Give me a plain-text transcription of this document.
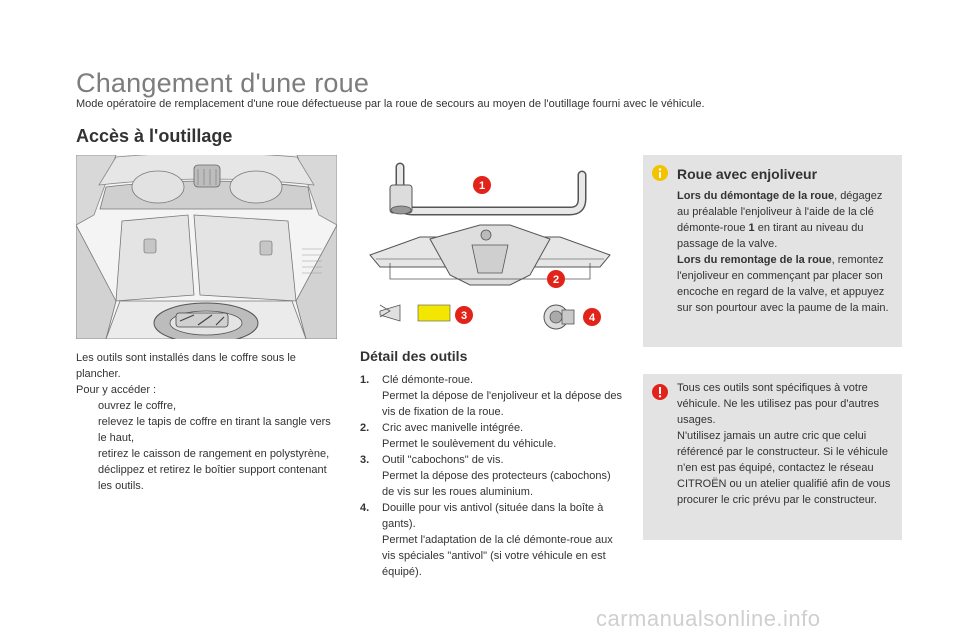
Changement d'une roue
Mode opératoire de remplacement d'une roue défectueuse par la roue de secours au moyen de l'outillage fourni avec le véhicule.
Accès à l'outillage

Les outils sont installés dans le coffre sous le plancher.

Pour y accéder :

ouvrez le coffre,
relevez le tapis de coffre en tirant la sangle vers le haut,
retirez le caisson de rangement en polystyrène,
déclippez et retirez le boîtier support contenant les outils.
1
2
3	4
Détail des outils
1. Clé démonte-roue.
Permet la dépose de l'enjoliveur et la dépose des vis de fixation de la roue.
2. Cric avec manivelle intégrée.
Permet le soulèvement du véhicule.
3. Outil "cabochons" de vis.
Permet la dépose des protecteurs (cabochons) de vis sur les roues aluminium.
4. Douille pour vis antivol (située dans la boîte à gants).
Permet l'adaptation de la clé démonte-roue aux vis spéciales "antivol" (si votre véhicule en est équipé).
Roue avec enjoliveur

Lors du démontage de la roue, dégagez au préalable l'enjoliveur à l'aide de la clé démonte-roue 1 en tirant au niveau du passage de la valve.
Lors du remontage de la roue, remontez l'enjoliveur en commençant par placer son encoche en regard de la valve, et appuyez sur son pourtour avec la paume de la main.

Tous ces outils sont spécifiques à votre véhicule. Ne les utilisez pas pour d'autres usages.

N'utilisez jamais un autre cric que celui référencé par le constructeur. Si le véhicule n'en est pas équipé, contactez le réseau CITROËN ou un atelier qualifié afin de vous procurer le cric prévu par le constructeur.

carmanualsonline.info
